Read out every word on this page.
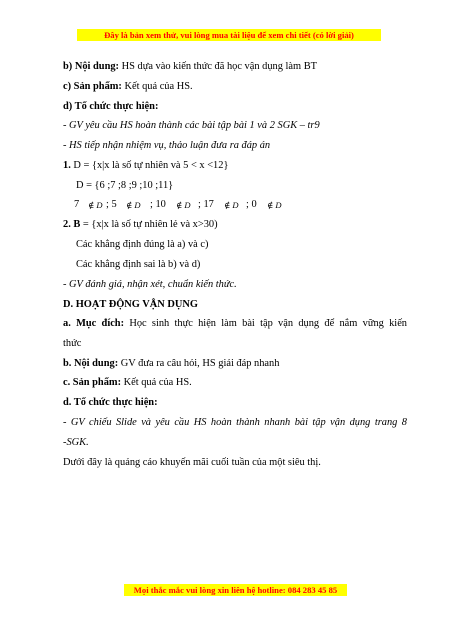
Đây là bản xem thử, vui lòng mua tài liệu để xem chi tiết (có lời giải)
b) Nội dung: HS dựa vào kiến thức đã học vận dụng làm BT
c) Sản phẩm: Kết quả của HS.
d) Tổ chức thực hiện:
- GV yêu cầu HS hoàn thành các bài tập bài 1 và 2 SGK – tr9
- HS tiếp nhận nhiệm vụ, thảo luận đưa ra đáp án
1. D = {x|x là số tự nhiên và 5 < x <12}
D = {6 ;7 ;8 ;9 ;10 ;11}
7 ∉ D ; 5 ∉ D ; 10 ∉ D ; 17 ∉ D ; 0 ∉ D
2. B = {x|x là số tự nhiên lẻ và x>30)
Các khẳng định đúng là a) và c)
Các khẳng định sai là b) và d)
- GV đánh giá, nhận xét, chuẩn kiến thức.
D. HOẠT ĐỘNG VẬN DỤNG
a. Mục đích: Học sinh thực hiện làm bài tập vận dụng để nắm vững kiến
thức
b. Nội dung: GV đưa ra câu hỏi, HS giải đáp nhanh
c. Sản phẩm: Kết quả của HS.
d. Tổ chức thực hiện:
- GV chiếu Slide và yêu cầu HS hoàn thành nhanh bài tập vận dụng trang 8
-SGK.
Dưới đây là quảng cáo khuyến mãi cuối tuần của một siêu thị.
Mọi thắc mắc vui lòng xin liên hệ hotline: 084 283 45 85
